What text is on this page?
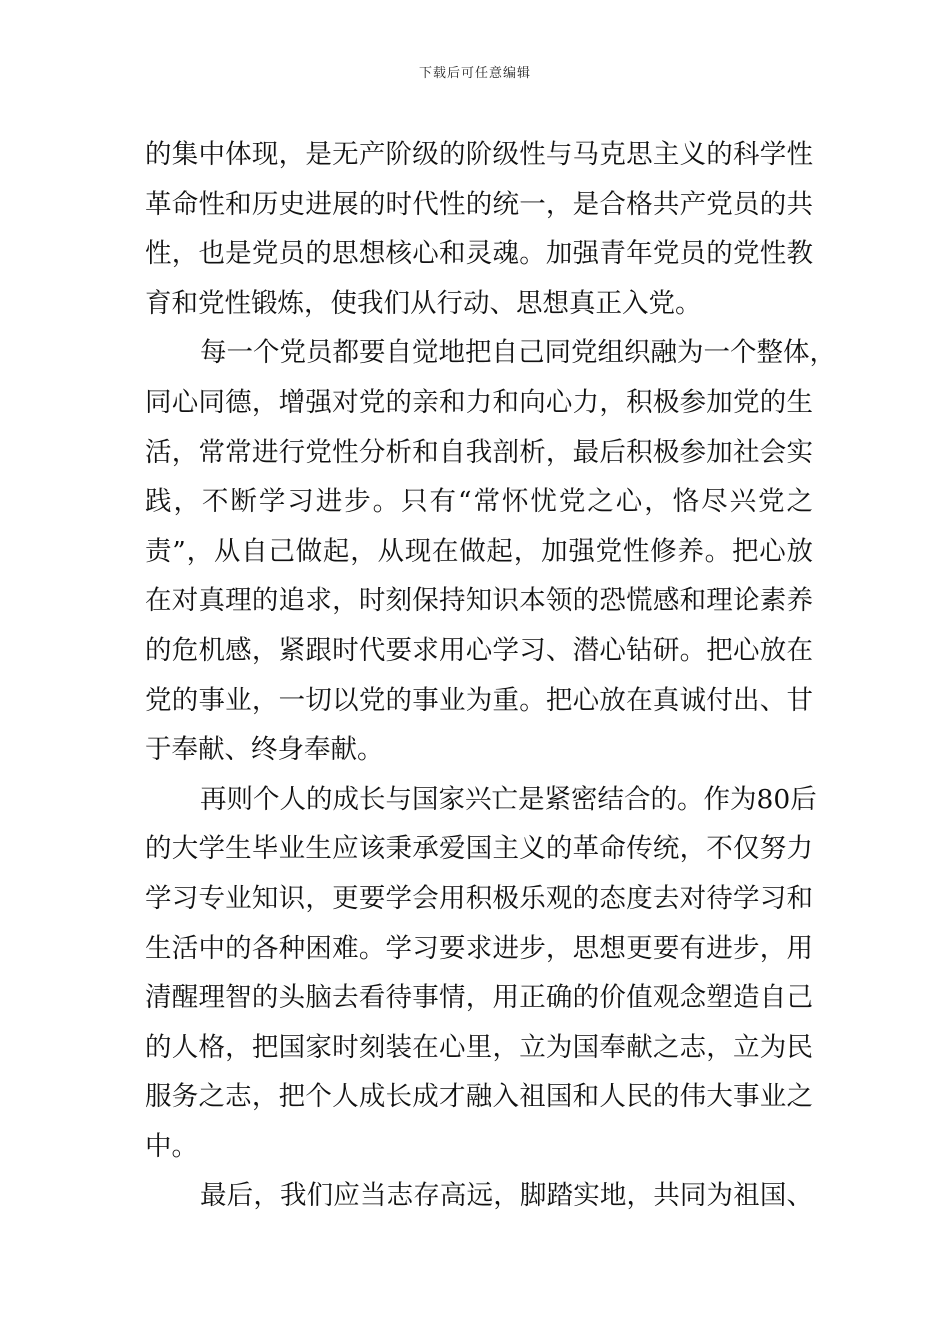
下载后可任意编辑
的集中体现，是无产阶级的阶级性与马克思主义的科学性
革命性和历史进展的时代性的统一，是合格共产党员的共
性，也是党员的思想核心和灵魂。加强青年党员的党性教
育和党性锻炼，使我们从行动、思想真正入党。
每一个党员都要自觉地把自己同党组织融为一个整体，
同心同德，增强对党的亲和力和向心力，积极参加党的生
活，常常进行党性分析和自我剖析，最后积极参加社会实
践，不断学习进步。只有“常怀忧党之心，恪尽兴党之
责”，从自己做起，从现在做起，加强党性修养。把心放
在对真理的追求，时刻保持知识本领的恐慌感和理论素养
的危机感，紧跟时代要求用心学习、潜心钻研。把心放在
党的事业，一切以党的事业为重。把心放在真诚付出、甘
于奉献、终身奉献。
再则个人的成长与国家兴亡是紧密结合的。作为80后
的大学生毕业生应该秉承爱国主义的革命传统，不仅努力
学习专业知识，更要学会用积极乐观的态度去对待学习和
生活中的各种困难。学习要求进步，思想更要有进步，用
清醒理智的头脑去看待事情，用正确的价值观念塑造自己
的人格，把国家时刻装在心里，立为国奉献之志，立为民
服务之志，把个人成长成才融入祖国和人民的伟大事业之
中。
最后，我们应当志存高远，脚踏实地，共同为祖国、
